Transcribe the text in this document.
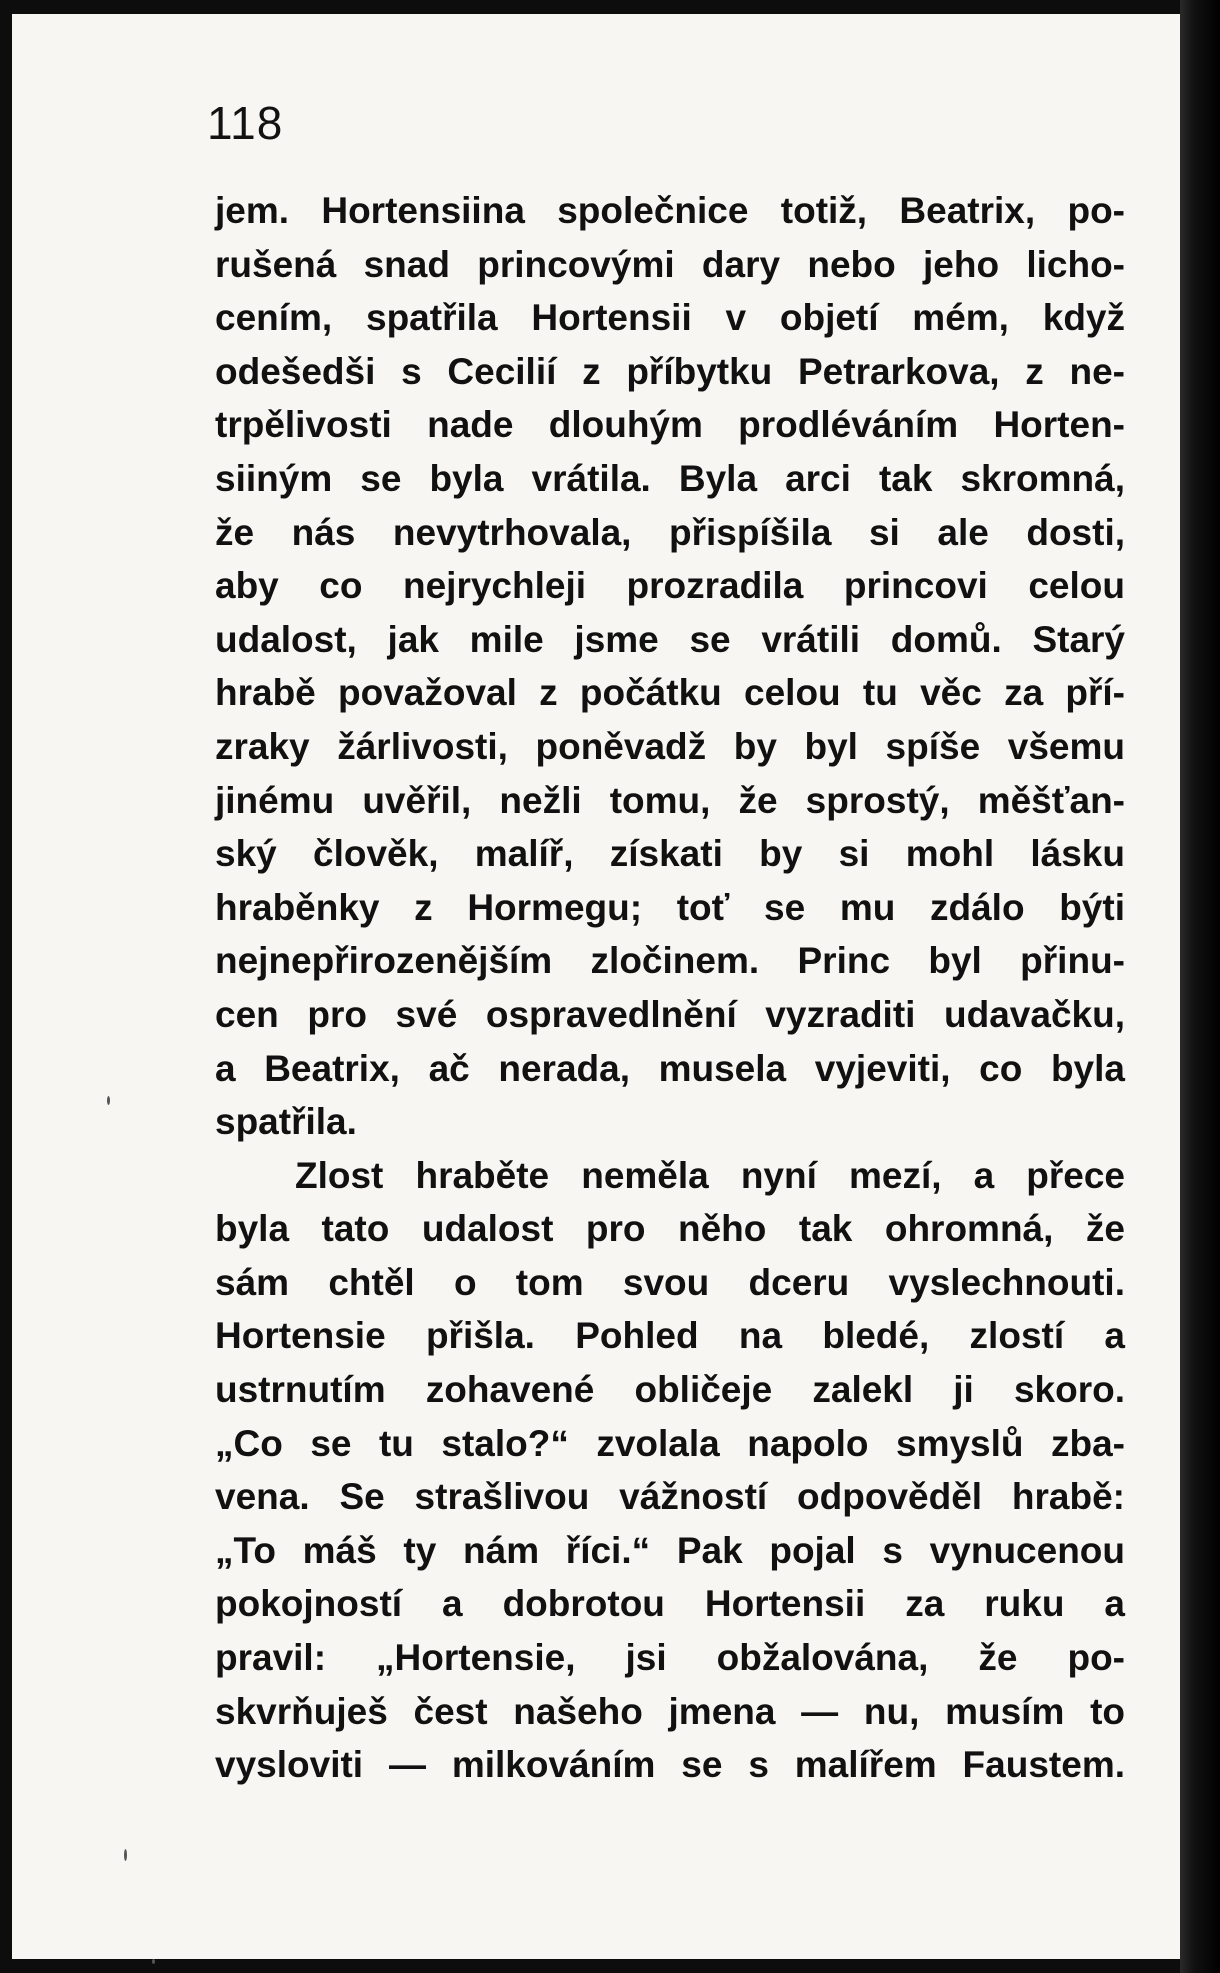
118
jem. Hortensiina společnice totiž, Beatrix, po-
rušená snad princovými dary nebo jeho licho-
cením, spatřila Hortensii v objetí mém, když
odešedši s Cecilií z příbytku Petrarkova, z ne-
trpělivosti nade dlouhým prodléváním Horten-
siiným se byla vrátila. Byla arci tak skromná,
že nás nevytrhovala, přispíšila si ale dosti,
aby co nejrychleji prozradila princovi celou
udalost, jak mile jsme se vrátili domů. Starý
hrabě považoval z počátku celou tu věc za pří-
zraky žárlivosti, poněvadž by byl spíše všemu
jinému uvěřil, nežli tomu, že sprostý, měšťan-
ský člověk, malíř, získati by si mohl lásku
hraběnky z Hormegu; toť se mu zdálo býti
nejnepřirozenějším zločinem. Princ byl přinu-
cen pro své ospravedlnění vyzraditi udavačku,
a Beatrix, ač nerada, musela vyjeviti, co byla
spatřila.
Zlost hraběte neměla nyní mezí, a přece
byla tato udalost pro něho tak ohromná, že
sám chtěl o tom svou dceru vyslechnouti.
Hortensie přišla. Pohled na bledé, zlostí a
ustrnutím zohavené obličeje zalekl ji skoro.
„Co se tu stalo?“ zvolala napolo smyslů zba-
vena. Se strašlivou vážností odpověděl hrabě:
„To máš ty nám říci.“ Pak pojal s vynucenou
pokojností a dobrotou Hortensii za ruku a
pravil: „Hortensie, jsi obžalována, že po-
skvrňuješ čest našeho jmena — nu, musím to
vysloviti — milkováním se s malířem Faustem.
